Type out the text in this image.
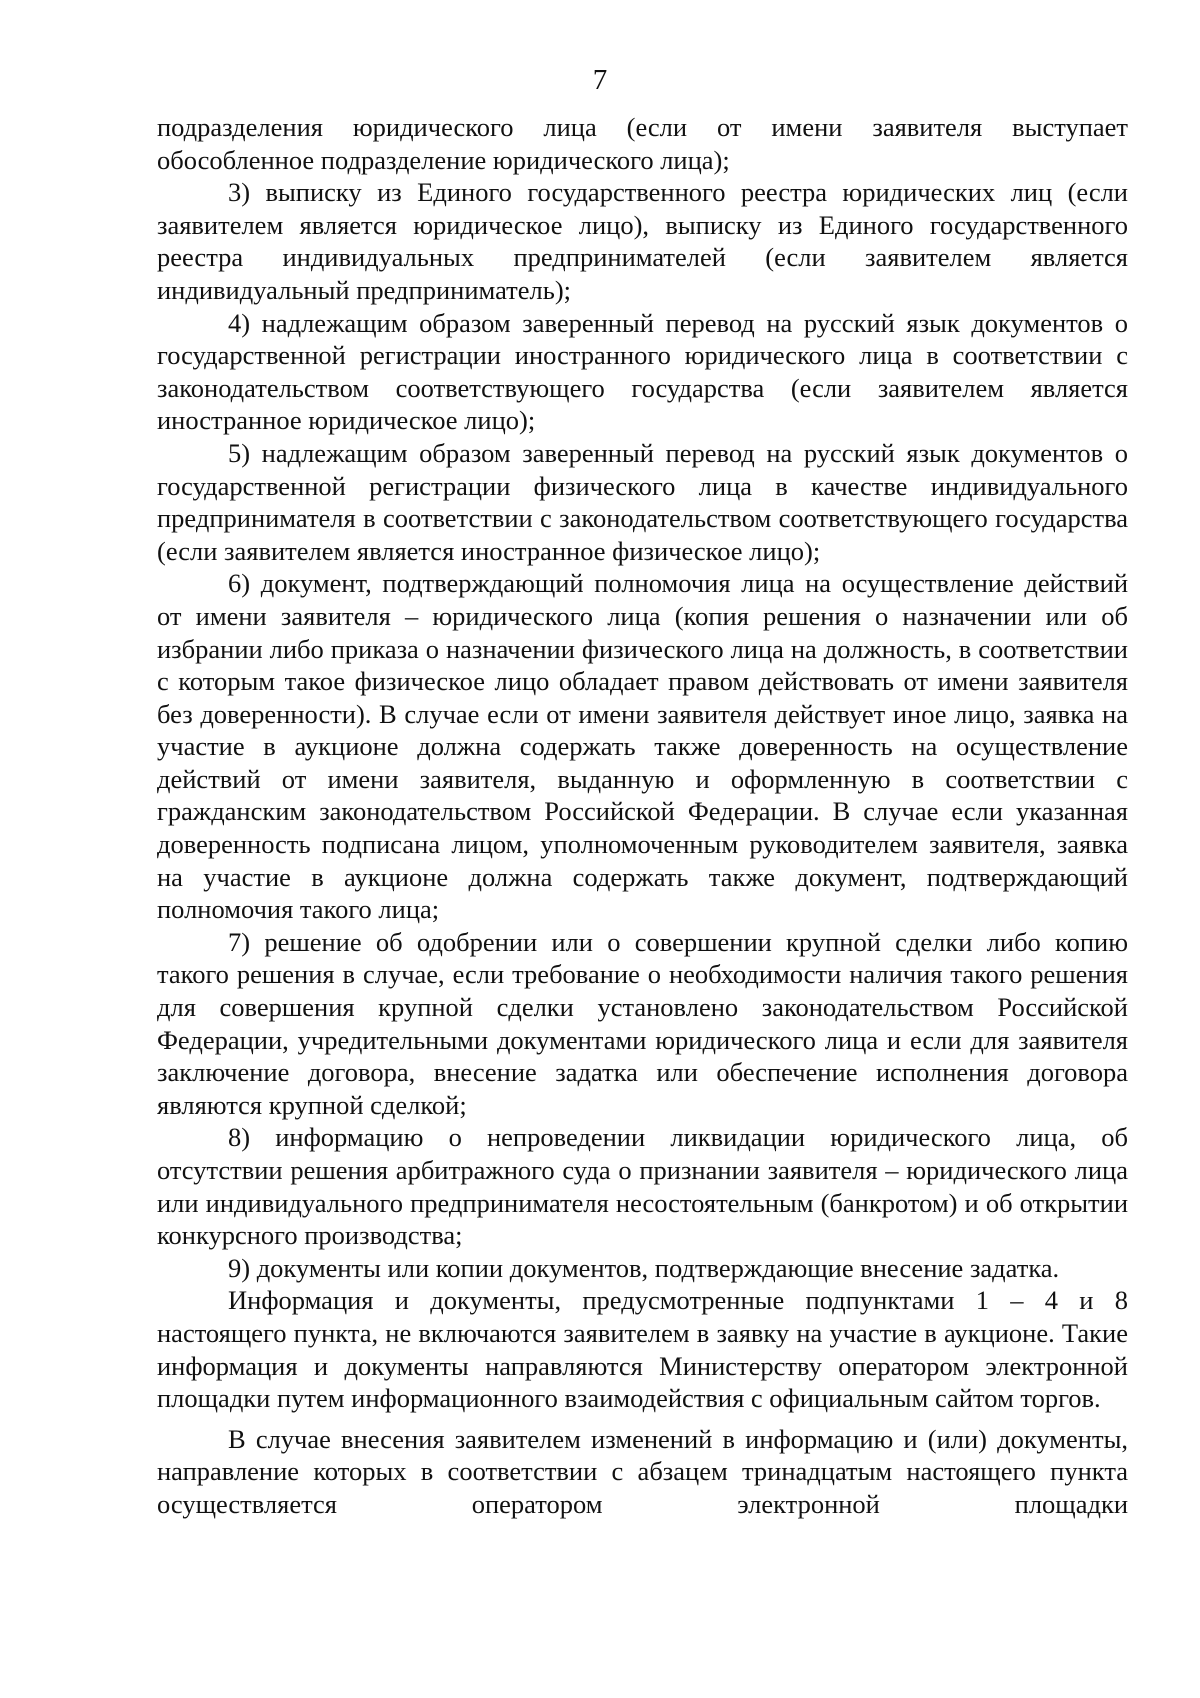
7

подразделения юридического лица (если от имени заявителя выступает обособленное подразделение юридического лица);

3) выписку из Единого государственного реестра юридических лиц (если заявителем является юридическое лицо), выписку из Единого государственного реестра индивидуальных предпринимателей (если заявителем является индивидуальный предприниматель);

4) надлежащим образом заверенный перевод на русский язык документов о государственной регистрации иностранного юридического лица в соответствии с законодательством соответствующего государства (если заявителем является иностранное юридическое лицо);

5) надлежащим образом заверенный перевод на русский язык документов о государственной регистрации физического лица в качестве индивидуального предпринимателя в соответствии с законодательством соответствующего государства (если заявителем является иностранное физическое лицо);

6) документ, подтверждающий полномочия лица на осуществление действий от имени заявителя – юридического лица (копия решения о назначении или об избрании либо приказа о назначении физического лица на должность, в соответствии с которым такое физическое лицо обладает правом действовать от имени заявителя без доверенности). В случае если от имени заявителя действует иное лицо, заявка на участие в аукционе должна содержать также доверенность на осуществление действий от имени заявителя, выданную и оформленную в соответствии с гражданским законодательством Российской Федерации. В случае если указанная доверенность подписана лицом, уполномоченным руководителем заявителя, заявка на участие в аукционе должна содержать также документ, подтверждающий полномочия такого лица;

7) решение об одобрении или о совершении крупной сделки либо копию такого решения в случае, если требование о необходимости наличия такого решения для совершения крупной сделки установлено законодательством Российской Федерации, учредительными документами юридического лица и если для заявителя заключение договора, внесение задатка или обеспечение исполнения договора являются крупной сделкой;

8) информацию о непроведении ликвидации юридического лица, об отсутствии решения арбитражного суда о признании заявителя – юридического лица или индивидуального предпринимателя несостоятельным (банкротом) и об открытии конкурсного производства;

9) документы или копии документов, подтверждающие внесение задатка.

Информация и документы, предусмотренные подпунктами 1 – 4 и 8 настоящего пункта, не включаются заявителем в заявку на участие в аукционе. Такие информация и документы направляются Министерству оператором электронной площадки путем информационного взаимодействия с официальным сайтом торгов.

В случае внесения заявителем изменений в информацию и (или) документы, направление которых в соответствии с абзацем тринадцатым настоящего пункта осуществляется оператором электронной площадки
